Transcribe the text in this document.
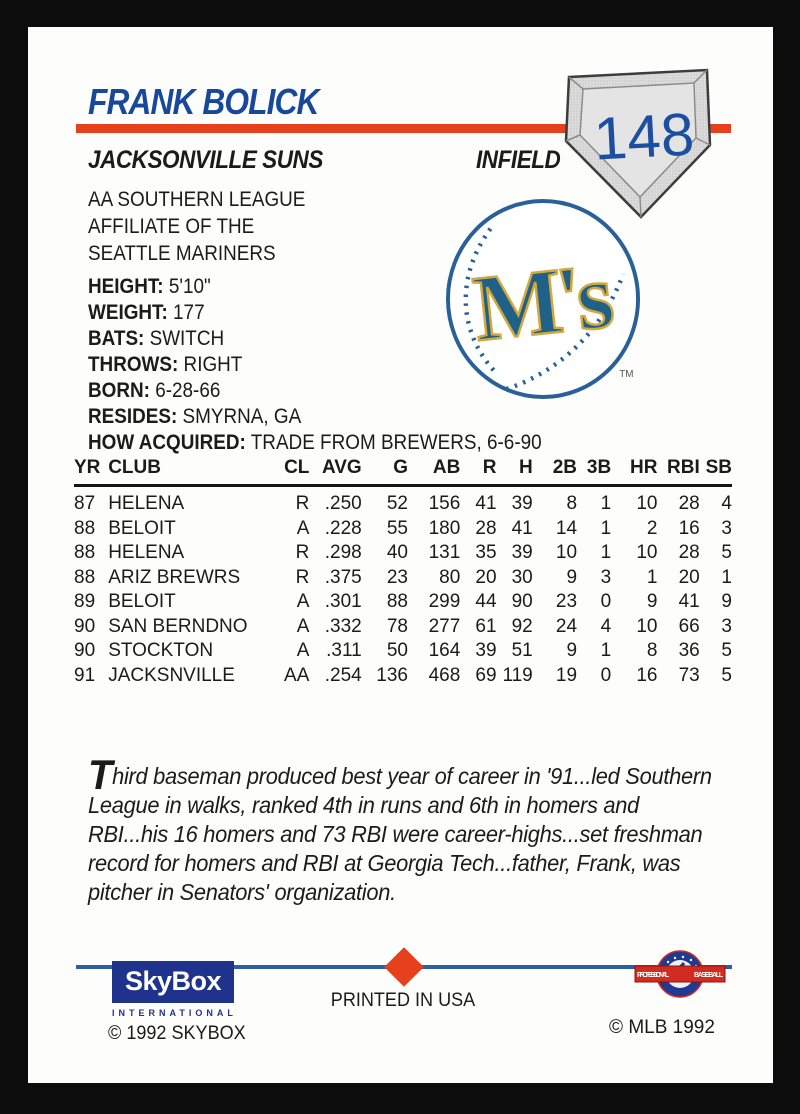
FRANK BOLICK	148
JACKSONVILLE SUNS	INFIELD
AA SOUTHERN LEAGUE
AFFILIATE OF THE
SEATTLE MARINERS
HEIGHT: 5'10"
WEIGHT: 177
BATS: SWITCH
THROWS: RIGHT
BORN: 6-28-66
RESIDES: SMYRNA, GA
HOW ACQUIRED: TRADE FROM BREWERS, 6-6-90
M's
TM
YR	CLUB	CL	AVG	G	AB	R	H	2B	3B	HR	RBI	SB
87	HELENA	R	.250	52	156	41	39	8	1	10	28	4
88	BELOIT	A	.228	55	180	28	41	14	1	2	16	3
88	HELENA	R	.298	40	131	35	39	10	1	10	28	5
88	ARIZ BREWRS	R	.375	23	80	20	30	9	3	1	20	1
89	BELOIT	A	.301	88	299	44	90	23	0	9	41	9
90	SAN BERNDNO	A	.332	78	277	61	92	24	4	10	66	3
90	STOCKTON	A	.311	50	164	39	51	9	1	8	36	5
91	JACKSNVILLE	AA	.254	136	468	69	119	19	0	16	73	5
Third baseman produced best year of career in '91...led Southern League in walks, ranked 4th in runs and 6th in homers and RBI...his 16 homers and 73 RBI were career-highs...set freshman record for homers and RBI at Georgia Tech...father, Frank, was pitcher in Senators' organization.
SkyBox
INTERNATIONAL
© 1992 SKYBOX
PRINTED IN USA
PROFESSIONAL	BASEBALL
© MLB 1992
